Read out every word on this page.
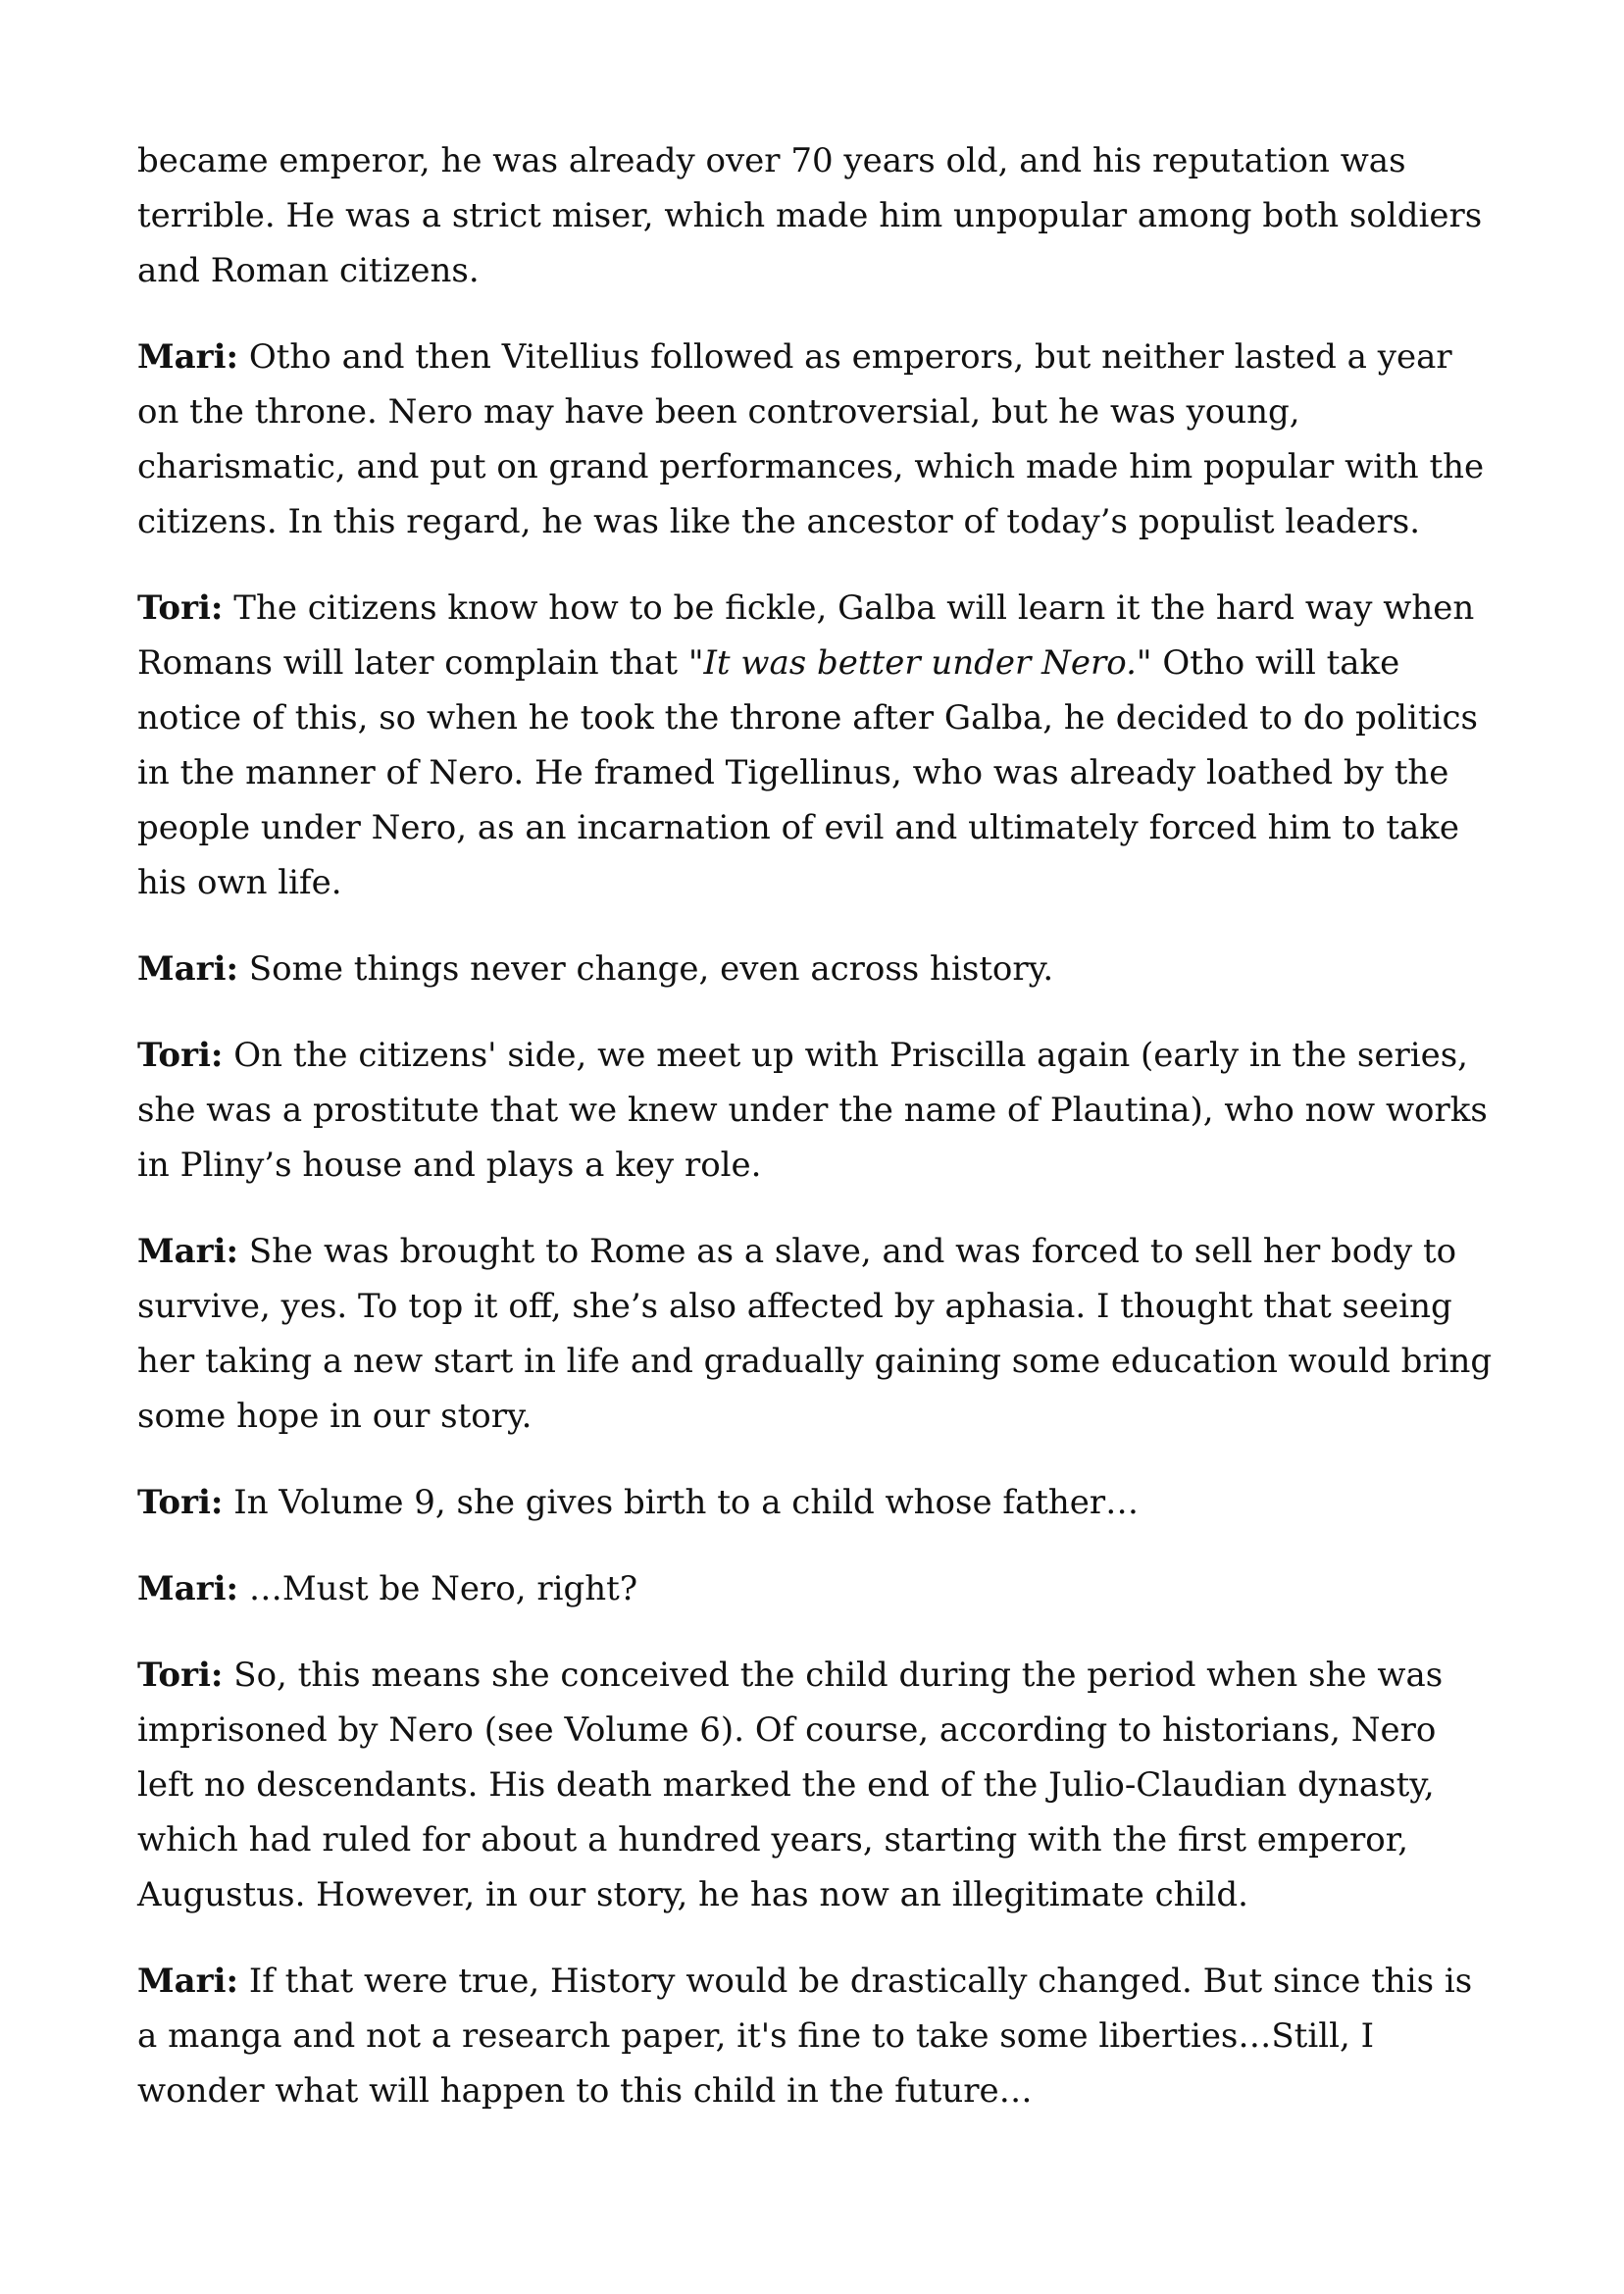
became emperor, he was already over 70 years old, and his reputation was terrible. He was a strict miser, which made him unpopular among both soldiers and Roman citizens.

Mari: Otho and then Vitellius followed as emperors, but neither lasted a year on the throne. Nero may have been controversial, but he was young, charismatic, and put on grand performances, which made him popular with the citizens. In this regard, he was like the ancestor of today’s populist leaders.

Tori: The citizens know how to be fickle, Galba will learn it the hard way when Romans will later complain that "It was better under Nero." Otho will take notice of this, so when he took the throne after Galba, he decided to do politics in the manner of Nero. He framed Tigellinus, who was already loathed by the people under Nero, as an incarnation of evil and ultimately forced him to take his own life.

Mari: Some things never change, even across history.

Tori: On the citizens' side, we meet up with Priscilla again (early in the series, she was a prostitute that we knew under the name of Plautina), who now works in Pliny’s house and plays a key role.

Mari: She was brought to Rome as a slave, and was forced to sell her body to survive, yes. To top it off, she’s also affected by aphasia. I thought that seeing her taking a new start in life and gradually gaining some education would bring some hope in our story.

Tori: In Volume 9, she gives birth to a child whose father…

Mari: …Must be Nero, right?

Tori: So, this means she conceived the child during the period when she was imprisoned by Nero (see Volume 6). Of course, according to historians, Nero left no descendants. His death marked the end of the Julio-Claudian dynasty, which had ruled for about a hundred years, starting with the first emperor, Augustus. However, in our story, he has now an illegitimate child.

Mari: If that were true, History would be drastically changed. But since this is a manga and not a research paper, it's fine to take some liberties…Still, I wonder what will happen to this child in the future…
